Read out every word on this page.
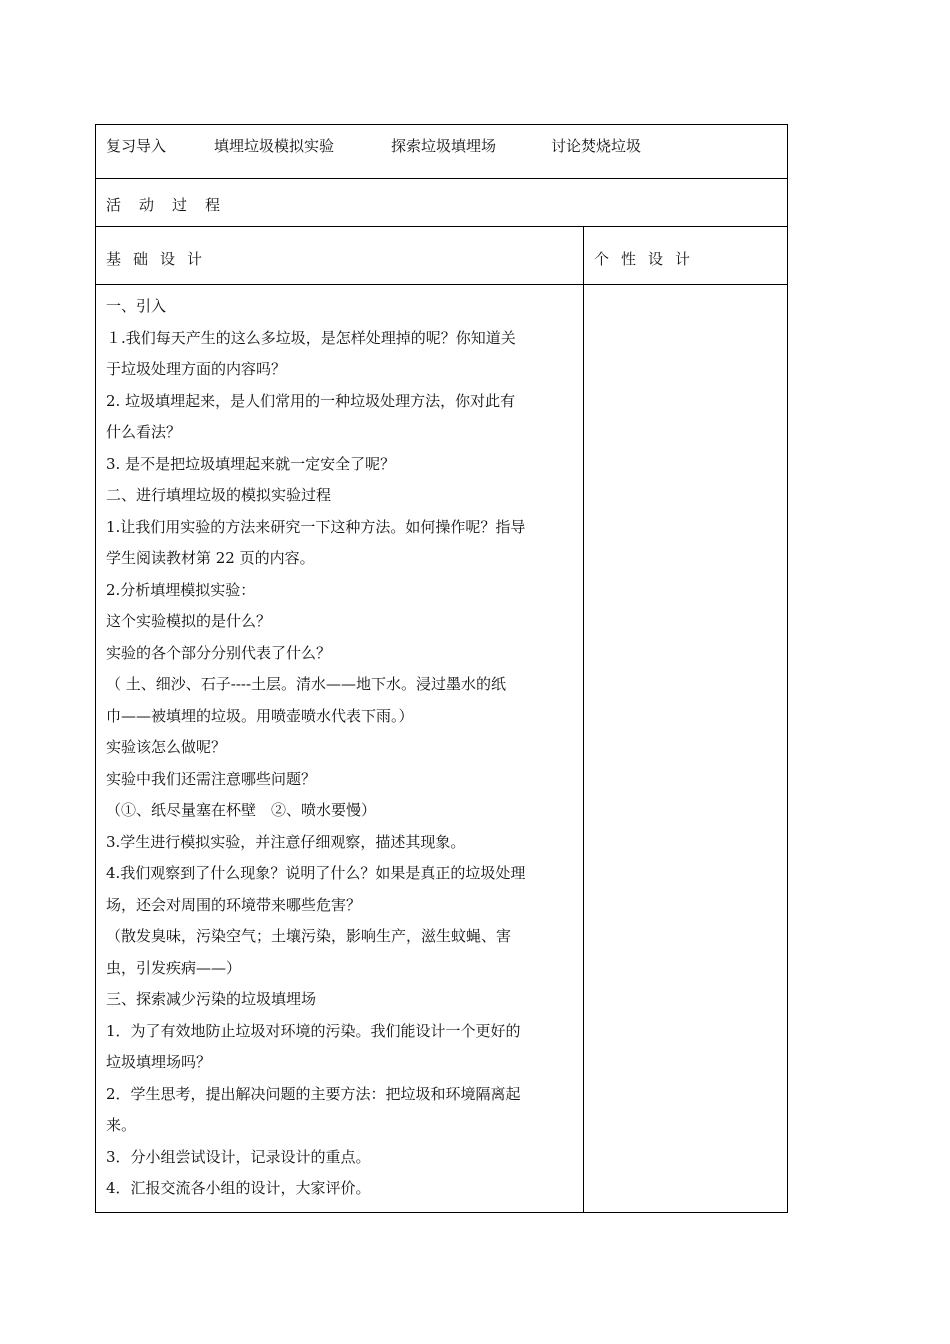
复习导入	填埋垃圾模拟实验	探索垃圾填埋场	讨论焚烧垃圾
活动过程
基础设计	个性设计
一、引入
１.我们每天产生的这么多垃圾，是怎样处理掉的呢？你知道关
于垃圾处理方面的内容吗？
2. 垃圾填埋起来，是人们常用的一种垃圾处理方法，你对此有
什么看法？
3. 是不是把垃圾填埋起来就一定安全了呢？
二、进行填埋垃圾的模拟实验过程
1.让我们用实验的方法来研究一下这种方法。如何操作呢？指导
学生阅读教材第 22 页的内容。
2.分析填埋模拟实验：
这个实验模拟的是什么？
实验的各个部分分别代表了什么？
（ 土、细沙、石子----土层。清水——地下水。浸过墨水的纸
巾——被填埋的垃圾。用喷壶喷水代表下雨。）
实验该怎么做呢？
实验中我们还需注意哪些问题？
（①、纸尽量塞在杯壁　②、喷水要慢）
3.学生进行模拟实验，并注意仔细观察，描述其现象。
4.我们观察到了什么现象？说明了什么？如果是真正的垃圾处理
场，还会对周围的环境带来哪些危害？
（散发臭味，污染空气；土壤污染，影响生产，滋生蚊蝇、害
虫，引发疾病——）
三、探索减少污染的垃圾填埋场
1．为了有效地防止垃圾对环境的污染。我们能设计一个更好的
垃圾填埋场吗？
2．学生思考，提出解决问题的主要方法：把垃圾和环境隔离起
来。
3．分小组尝试设计，记录设计的重点。
4．汇报交流各小组的设计，大家评价。
